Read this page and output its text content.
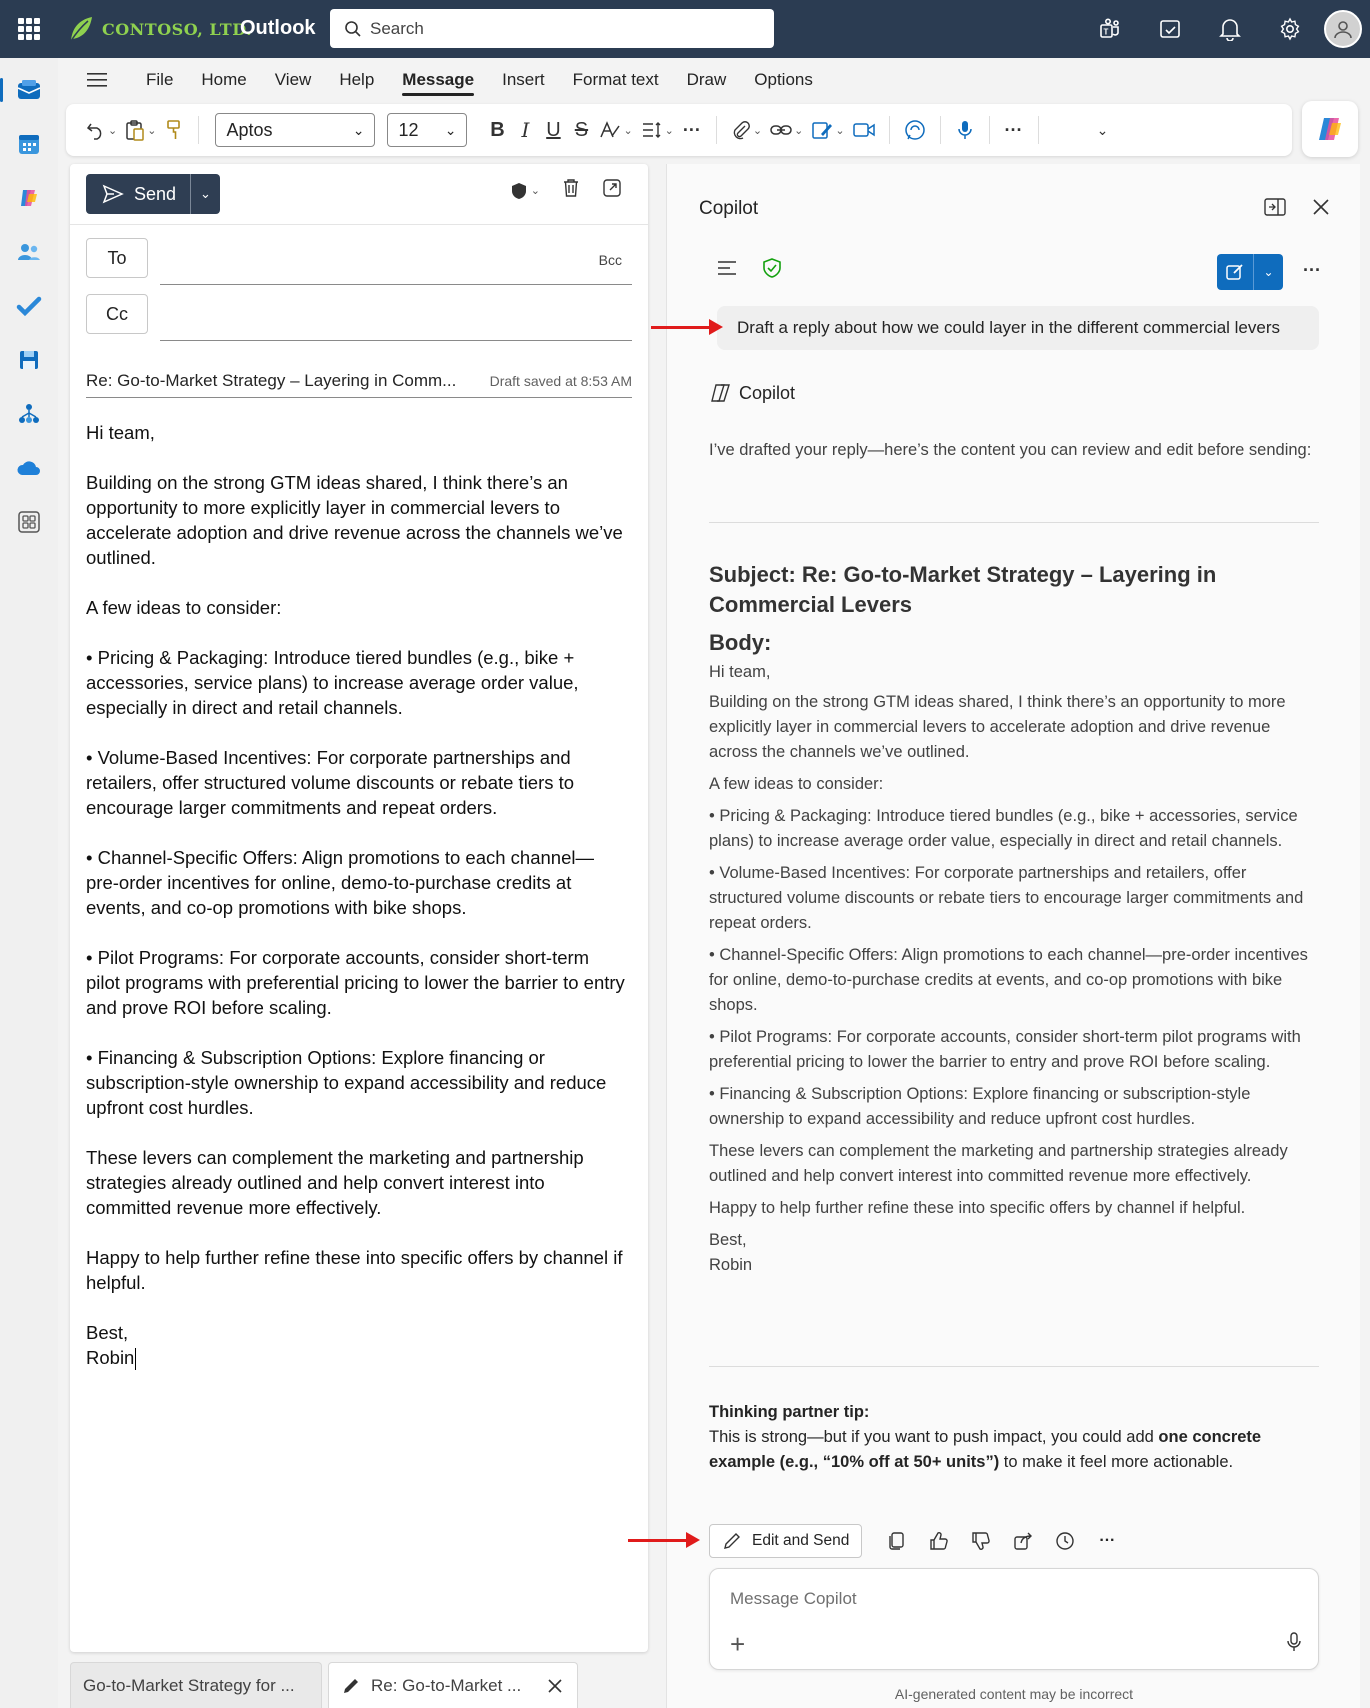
CONTOSO, LTD.
Outlook	Search	T
File	Home	View	Help	Message	Insert	Format text	Draw	Options
⌄	⌄	Aptos	⌄ 12 ⌄ B I U S	⌄	⌄ ···	⌄	⌄	⌄	···	⌄
Send ⌄	⌄
To	Bcc
Cc
Re: Go-to-Market Strategy – Layering in Comm... Draft saved at 8:53 AM

Hi team,

Building on the strong GTM ideas shared, I think there’s an opportunity to more explicitly layer in commercial levers to accelerate adoption and drive revenue across the channels we’ve outlined.

A few ideas to consider:

• Pricing & Packaging: Introduce tiered bundles (e.g., bike + accessories, service plans) to increase average order value, especially in direct and retail channels.

• Volume-Based Incentives: For corporate partnerships and retailers, offer structured volume discounts or rebate tiers to encourage larger commitments and repeat orders.

• Channel-Specific Offers: Align promotions to each channel—pre-order incentives for online, demo-to-purchase credits at events, and co-op promotions with bike shops.

• Pilot Programs: For corporate accounts, consider short-term pilot programs with preferential pricing to lower the barrier to entry and prove ROI before scaling.

• Financing & Subscription Options: Explore financing or subscription-style ownership to expand accessibility and reduce upfront cost hurdles.

These levers can complement the marketing and partnership strategies already outlined and help convert interest into committed revenue more effectively.

Happy to help further refine these into specific offers by channel if helpful.

Best,

Robin

Go-to-Market Strategy for ...	Re: Go-to-Market ...
Copilot
⌄ ···
Draft a reply about how we could layer in the different commercial levers
Copilot
I’ve drafted your reply—here’s the content you can review and edit before sending:
Subject: Re: Go-to-Market Strategy – Layering in Commercial Levers
Body:
Hi team,
Building on the strong GTM ideas shared, I think there’s an opportunity to more explicitly layer in commercial levers to accelerate adoption and drive revenue across the channels we’ve outlined.
A few ideas to consider:
• Pricing & Packaging: Introduce tiered bundles (e.g., bike + accessories, service plans) to increase average order value, especially in direct and retail channels.
• Volume-Based Incentives: For corporate partnerships and retailers, offer structured volume discounts or rebate tiers to encourage larger commitments and repeat orders.
• Channel-Specific Offers: Align promotions to each channel—pre-order incentives for online, demo-to-purchase credits at events, and co-op promotions with bike shops.
• Pilot Programs: For corporate accounts, consider short-term pilot programs with preferential pricing to lower the barrier to entry and prove ROI before scaling.
• Financing & Subscription Options: Explore financing or subscription-style ownership to expand accessibility and reduce upfront cost hurdles.
These levers can complement the marketing and partnership strategies already outlined and help convert interest into committed revenue more effectively.
Happy to help further refine these into specific offers by channel if helpful.
Best,
Robin
Thinking partner tip:
This is strong—but if you want to push impact, you could add one concrete example (e.g., “10% off at 50+ units”) to make it feel more actionable.
Edit and Send	···
Message Copilot
+
AI-generated content may be incorrect
